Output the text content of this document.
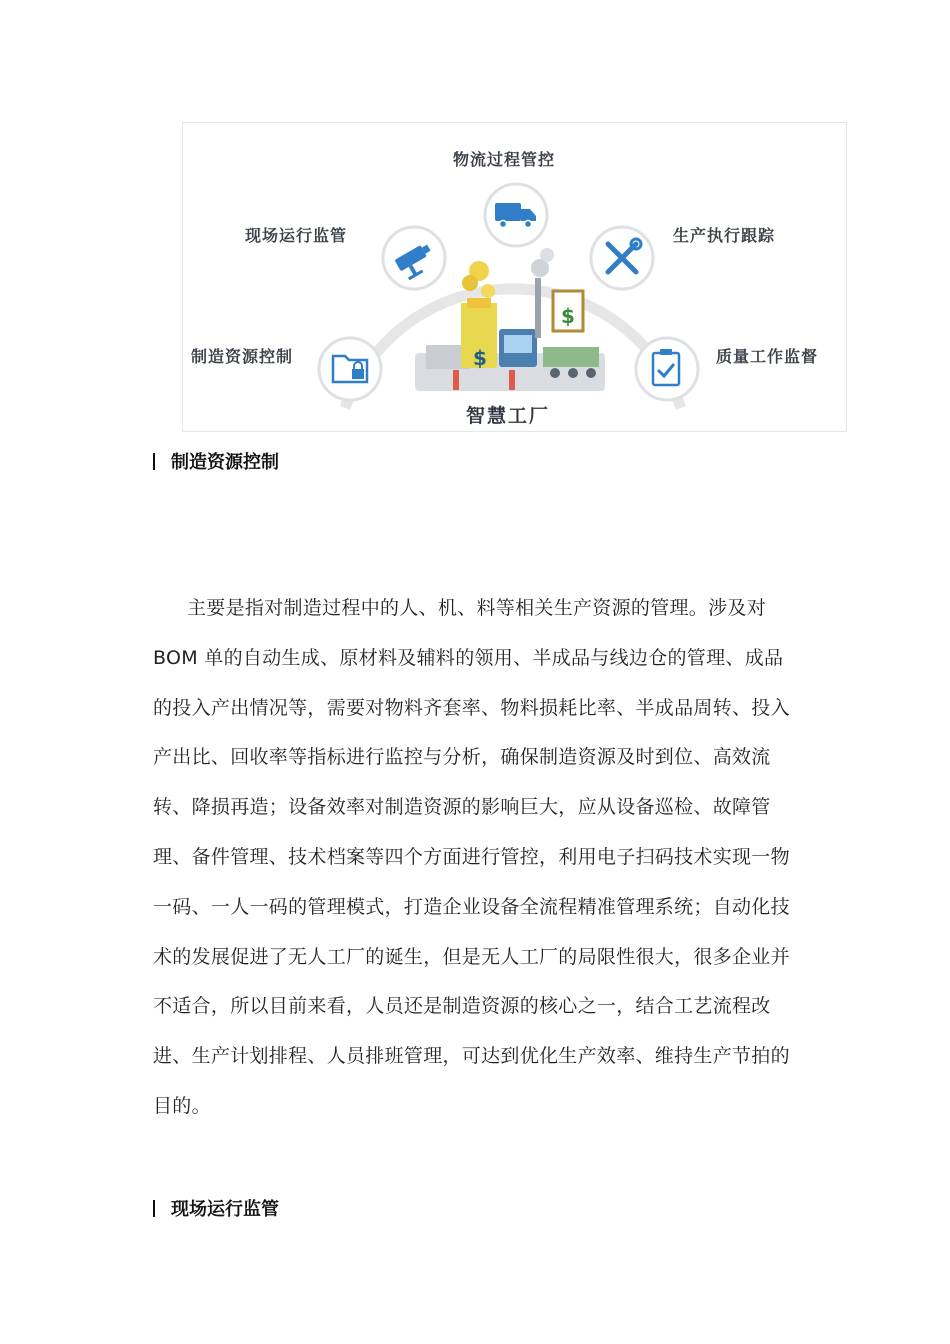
$
$
物流过程管控
现场运行监管	生产执行跟踪
制造资源控制	质量工作监督
智慧工厂
制造资源控制

主要是指对制造过程中的人、机、料等相关生产资源的管理。涉及对 BOM 单的自动生成、原材料及辅料的领用、半成品与线边仓的管理、成品的投入产出情况等，需要对物料齐套率、物料损耗比率、半成品周转、投入产出比、回收率等指标进行监控与分析，确保制造资源及时到位、高效流转、降损再造；设备效率对制造资源的影响巨大，应从设备巡检、故障管理、备件管理、技术档案等四个方面进行管控，利用电子扫码技术实现一物一码、一人一码的管理模式，打造企业设备全流程精准管理系统；自动化技术的发展促进了无人工厂的诞生，但是无人工厂的局限性很大，很多企业并不适合，所以目前来看，人员还是制造资源的核心之一，结合工艺流程改进、生产计划排程、人员排班管理，可达到优化生产效率、维持生产节拍的目的。

现场运行监管
